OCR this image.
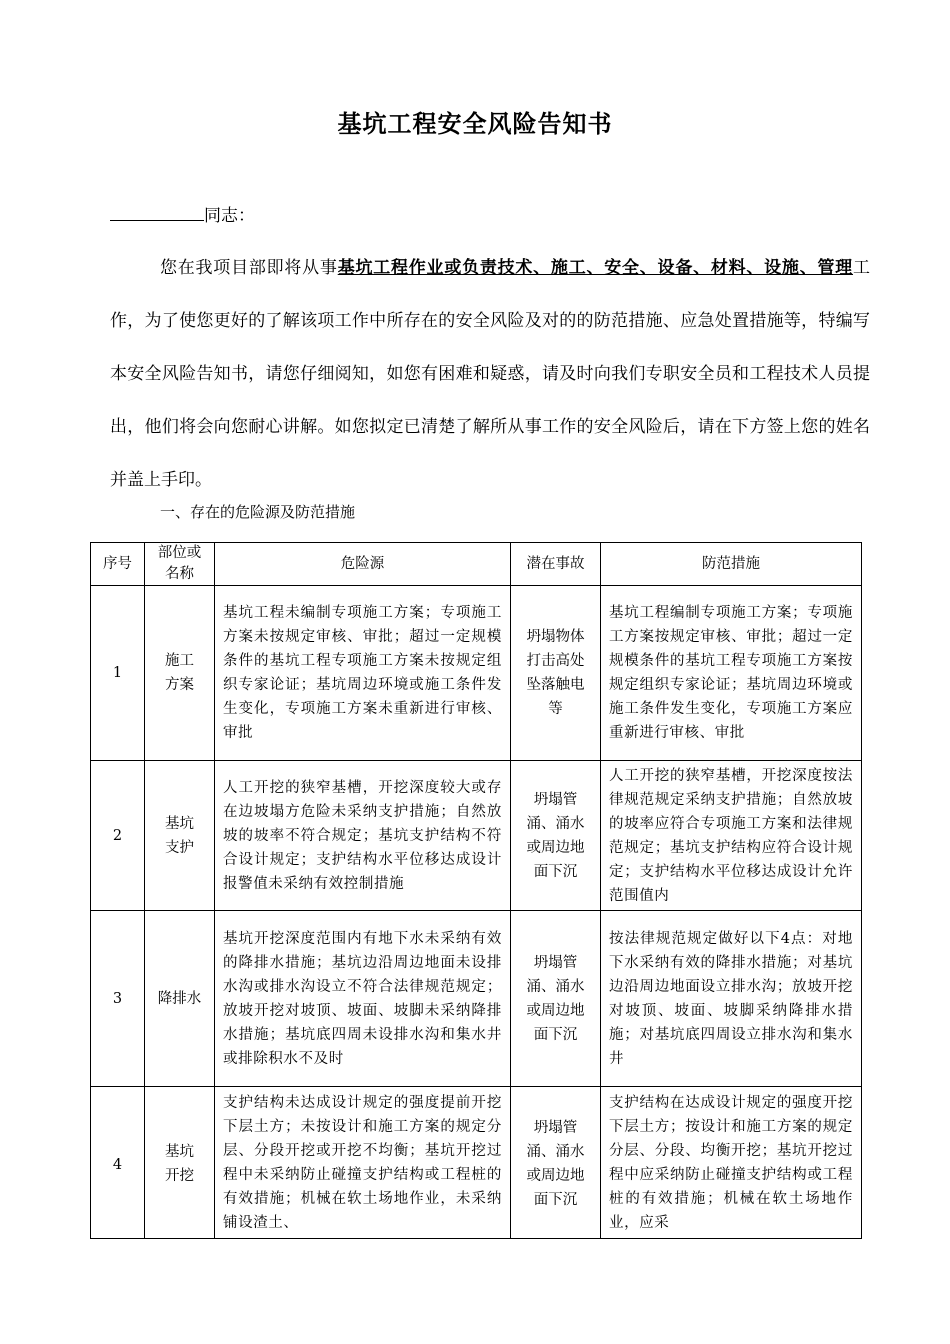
基坑工程安全风险告知书
同志：

您在我项目部即将从事基坑工程作业或负责技术、施工、安全、设备、材料、设施、管理工作，为了使您更好的了解该项工作中所存在的安全风险及对的的防范措施、应急处置措施等，特编写本安全风险告知书，请您仔细阅知，如您有困难和疑惑，请及时向我们专职安全员和工程技术人员提出，他们将会向您耐心讲解。如您拟定已清楚了解所从事工作的安全风险后，请在下方签上您的姓名并盖上手印。

一、存在的危险源及防范措施
序号	部位或名称	危险源	潜在事故	防范措施
1	施工方案	基坑工程未编制专项施工方案；专项施工方案未按规定审核、审批；超过一定规模条件的基坑工程专项施工方案未按规定组织专家论证；基坑周边环境或施工条件发生变化，专项施工方案未重新进行审核、审批	坍塌物体打击高处坠落触电等	基坑工程编制专项施工方案；专项施工方案按规定审核、审批；超过一定规模条件的基坑工程专项施工方案按规定组织专家论证；基坑周边环境或施工条件发生变化，专项施工方案应重新进行审核、审批
2	基坑支护	人工开挖的狭窄基槽，开挖深度较大或存在边坡塌方危险未采纳支护措施；自然放坡的坡率不符合规定；基坑支护结构不符合设计规定；支护结构水平位移达成设计报警值未采纳有效控制措施	坍塌管涌、涌水或周边地面下沉	人工开挖的狭窄基槽，开挖深度按法律规范规定采纳支护措施；自然放坡的坡率应符合专项施工方案和法律规范规定；基坑支护结构应符合设计规定；支护结构水平位移达成设计允许范围值内
3	降排水	基坑开挖深度范围内有地下水未采纳有效的降排水措施；基坑边沿周边地面未设排水沟或排水沟设立不符合法律规范规定；放坡开挖对坡顶、坡面、坡脚未采纳降排水措施；基坑底四周未设排水沟和集水井或排除积水不及时	坍塌管涌、涌水或周边地面下沉	按法律规范规定做好以下4点：对地下水采纳有效的降排水措施；对基坑边沿周边地面设立排水沟；放坡开挖对坡顶、坡面、坡脚采纳降排水措施；对基坑底四周设立排水沟和集水井
4	基坑开挖	支护结构未达成设计规定的强度提前开挖下层土方；未按设计和施工方案的规定分层、分段开挖或开挖不均衡；基坑开挖过程中未采纳防止碰撞支护结构或工程桩的有效措施；机械在软土场地作业，未采纳铺设渣土、	坍塌管涌、涌水或周边地面下沉	支护结构在达成设计规定的强度开挖下层土方；按设计和施工方案的规定分层、分段、均衡开挖；基坑开挖过程中应采纳防止碰撞支护结构或工程桩的有效措施；机械在软土场地作业，应采
